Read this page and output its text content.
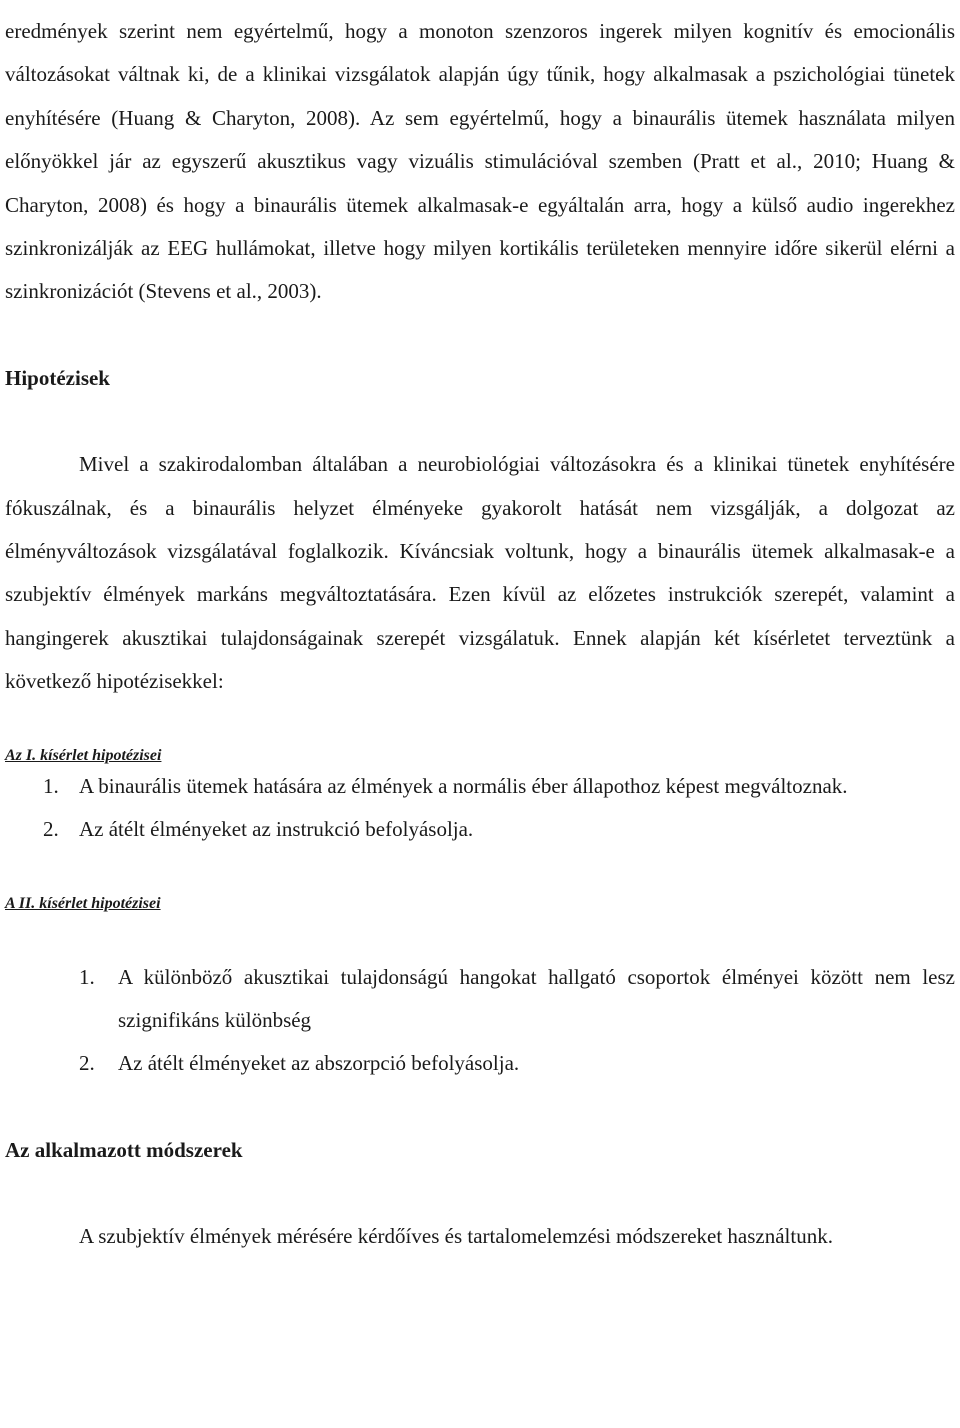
eredmények szerint nem egyértelmű, hogy a monoton szenzoros ingerek milyen kognitív és emocionális változásokat váltnak ki, de a klinikai vizsgálatok alapján úgy tűnik, hogy alkalmasak a pszichológiai tünetek enyhítésére (Huang & Charyton, 2008). Az sem egyértelmű, hogy a binaurális ütemek használata milyen előnyökkel jár az egyszerű akusztikus vagy vizuális stimulációval szemben (Pratt et al., 2010; Huang & Charyton, 2008) és hogy a binaurális ütemek alkalmasak-e egyáltalán arra, hogy a külső audio ingerekhez szinkronizálják az EEG hullámokat, illetve hogy milyen kortikális területeken mennyire időre sikerül elérni a szinkronizációt (Stevens et al., 2003).

Hipotézisek

Mivel a szakirodalomban általában a neurobiológiai változásokra és a klinikai tünetek enyhítésére fókuszálnak, és a binaurális helyzet élményeke gyakorolt hatását nem vizsgálják, a dolgozat az élményváltozások vizsgálatával foglalkozik. Kíváncsiak voltunk, hogy a binaurális ütemek alkalmasak-e a szubjektív élmények markáns megváltoztatására. Ezen kívül az előzetes instrukciók szerepét, valamint a hangingerek akusztikai tulajdonságainak szerepét vizsgálatuk. Ennek alapján két kísérletet terveztünk a következő hipotézisekkel:

Az I. kísérlet hipotézisei
1. A binaurális ütemek hatására az élmények a normális éber állapothoz képest megváltoznak.
2. Az átélt élményeket az instrukció befolyásolja.
A II. kísérlet hipotézisei
1. A különböző akusztikai tulajdonságú hangokat hallgató csoportok élményei között nem lesz szignifikáns különbség
2. Az átélt élményeket az abszorpció befolyásolja.
Az alkalmazott módszerek

A szubjektív élmények mérésére kérdőíves és tartalomelemzési módszereket használtunk.
